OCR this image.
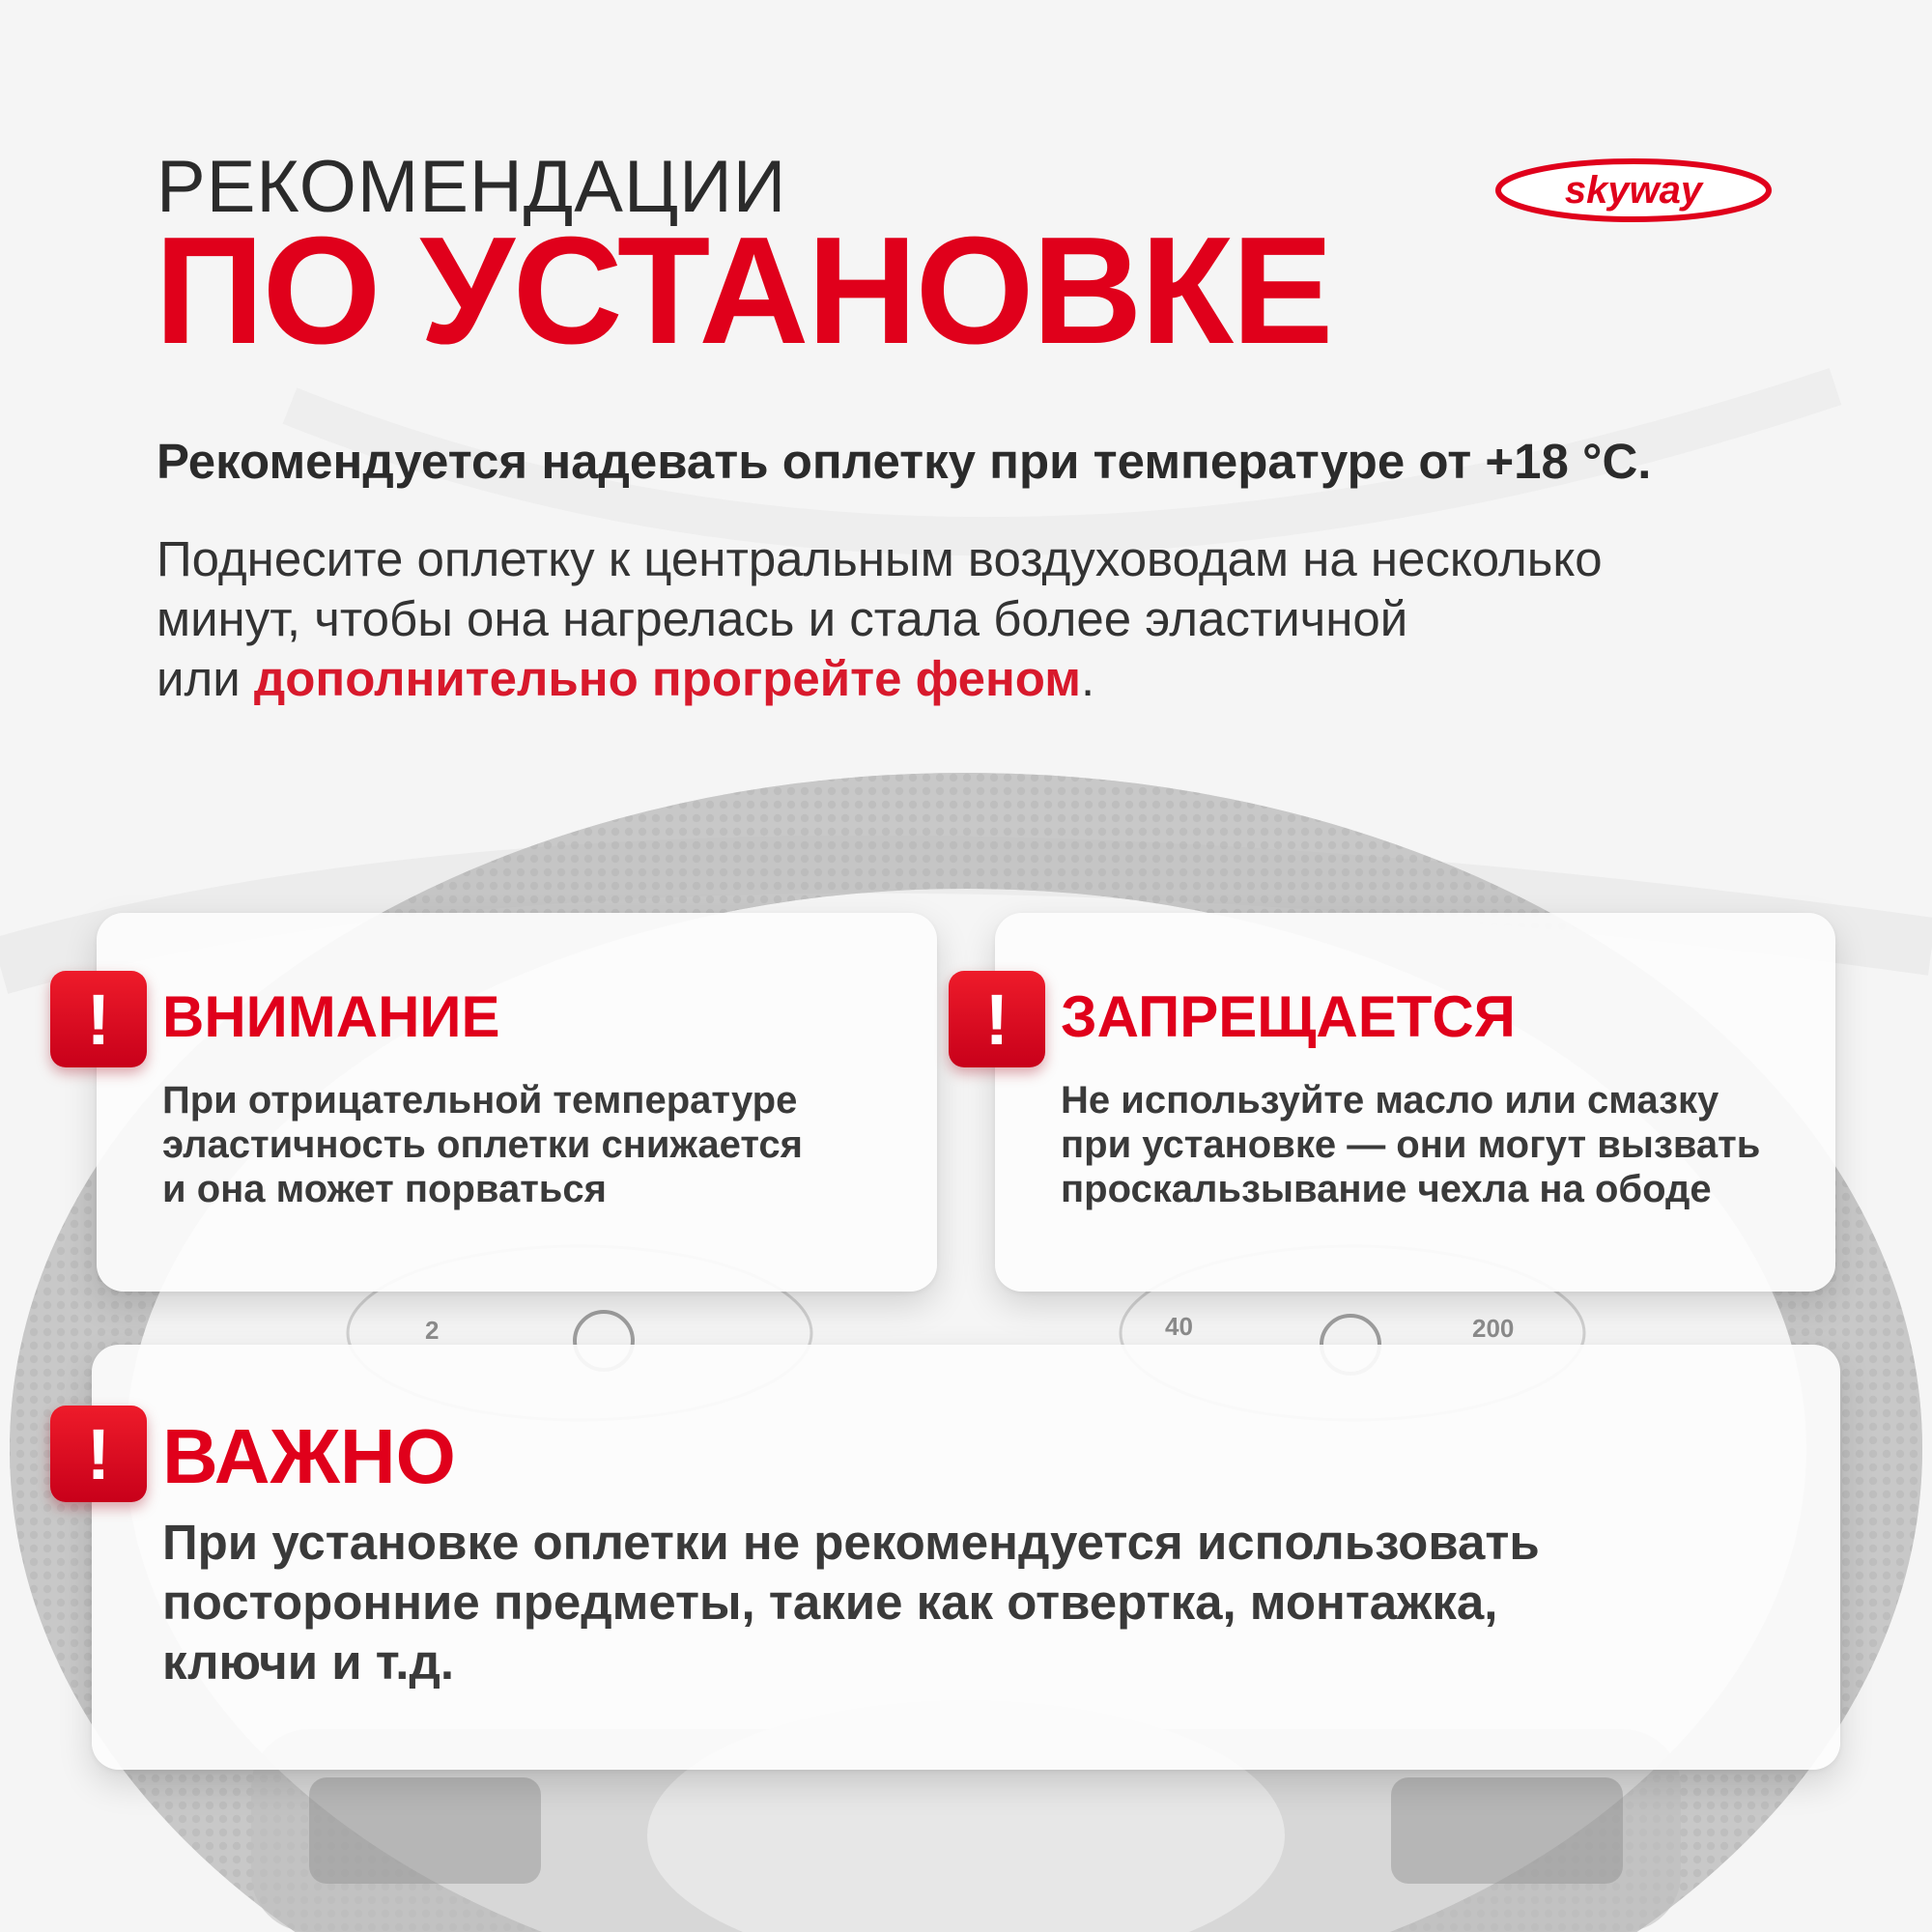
2	40	200
РЕКОМЕНДАЦИИ
ПО УСТАНОВКЕ
skyway

Рекомендуется надевать оплетку при температуре от +18 °C.

Поднесите оплетку к центральным воздуховодам на несколько
минут, чтобы она нагрелась и стала более эластичной
или дополнительно прогрейте феном.

! ВНИМАНИЕ

При отрицательной температуре
эластичность оплетки снижается
и она может порваться

! ЗАПРЕЩАЕТСЯ

Не используйте масло или смазку
при установке — они могут вызвать
проскальзывание чехла на ободе

! ВАЖНО

При установке оплетки не рекомендуется использовать
посторонние предметы, такие как отвертка, монтажка,
ключи и т.д.
